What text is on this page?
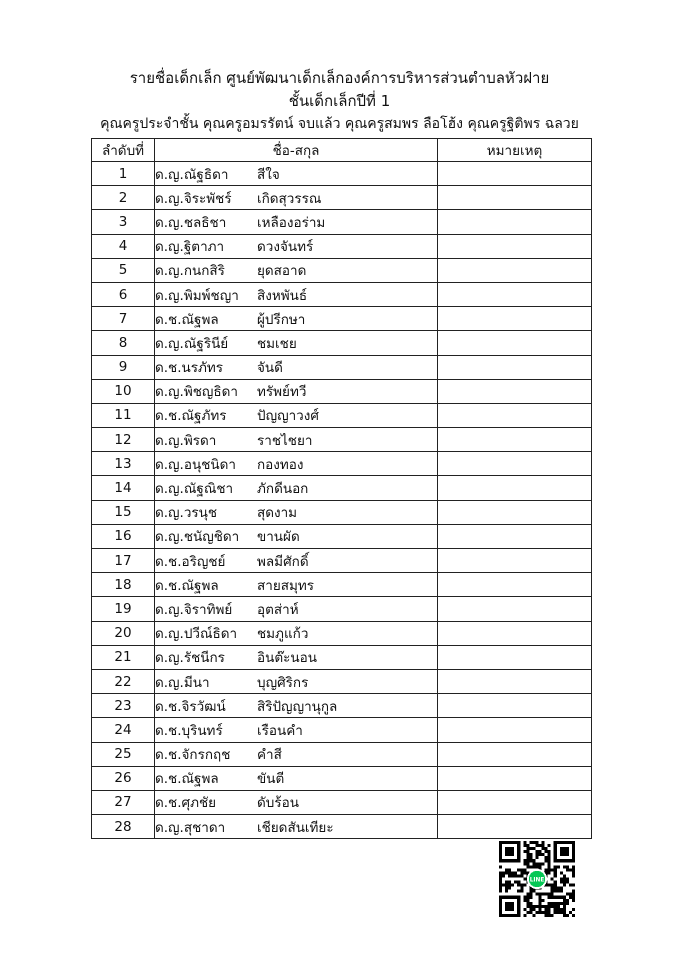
รายชื่อเด็กเล็ก ศูนย์พัฒนาเด็กเล็กองค์การบริหารส่วนตำบลหัวฝาย
ชั้นเด็กเล็กปีที่ 1
คุณครูประจำชั้น คุณครูอมรรัตน์ จบแล้ว คุณครูสมพร ลือโฮ้ง คุณครูฐิติพร ฉลวย
ลำดับที่	ชื่อ-สกุล	หมายเหตุ
1	ด.ญ.ณัฐธิดา สีใจ	
2	ด.ญ.จิระพัชร์ เกิดสุวรรณ	
3	ด.ญ.ชลธิชา เหลืองอร่าม	
4	ด.ญ.ฐิตาภา ดวงจันทร์	
5	ด.ญ.กนกสิริ ยุดสอาด	
6	ด.ญ.พิมพ์ชญา สิงหพันธ์	
7	ด.ช.ณัฐพล ผู้ปรีกษา	
8	ด.ญ.ณัฐรินีย์ ชมเชย	
9	ด.ช.นรภัทร จันดี	
10	ด.ญ.พิชญธิดา ทรัพย์ทวี	
11	ด.ช.ณัฐภัทร ปัญญาวงศ์	
12	ด.ญ.พิรดา ราชไชยา	
13	ด.ญ.อนุชนิดา กองทอง	
14	ด.ญ.ณัฐณิชา ภักดีนอก	
15	ด.ญ.วรนุช สุดงาม	
16	ด.ญ.ชนัญชิดา ขานผัด	
17	ด.ช.อริญชย์ พลมีศักดิ์	
18	ด.ช.ณัฐพล สายสมุทร	
19	ด.ญ.จิราทิพย์ อุตส่าห์	
20	ด.ญ.ปวีณ์ธิดา ชมภูแก้ว	
21	ด.ญ.รัชนีกร อินต๊ะนอน	
22	ด.ญ.มีนา บุญศิริกร	
23	ด.ช.จิรวัฒน์ สิริปัญญานุกูล	
24	ด.ช.บุรินทร์ เรือนคำ	
25	ด.ช.จักรกฤช คำสี	
26	ด.ช.ณัฐพล ขันตี	
27	ด.ช.ศุภชัย ดับร้อน	
28	ด.ญ.สุชาดา เชียดสันเทียะ	
LINE
